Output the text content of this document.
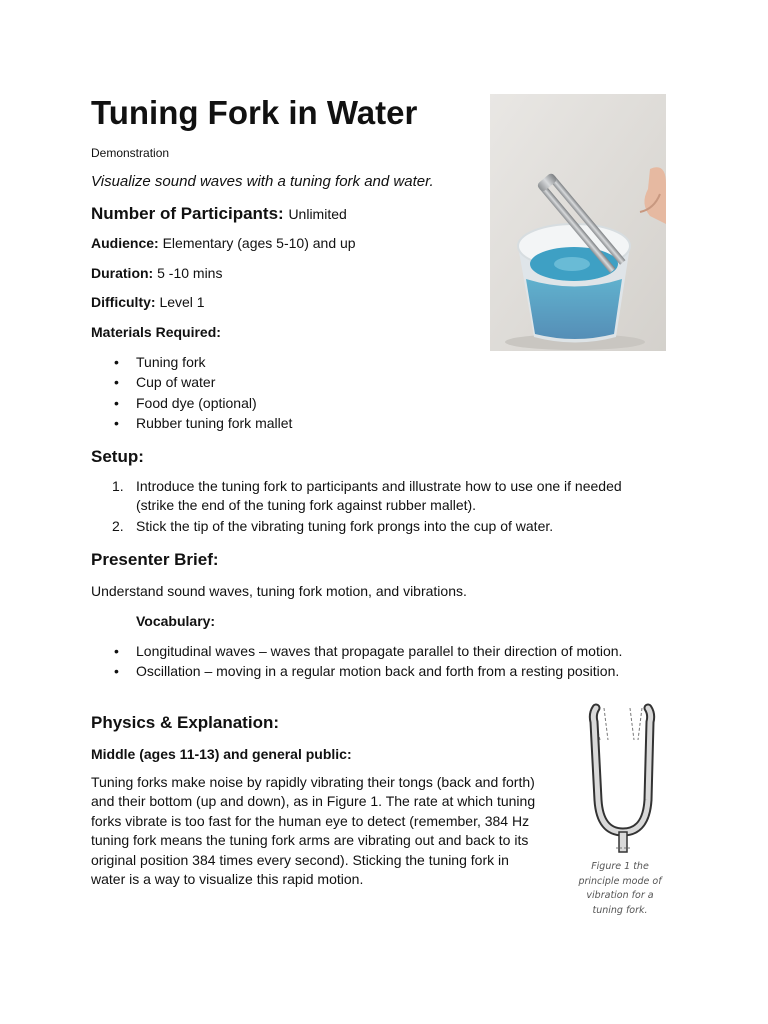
Tuning Fork in Water
Demonstration
Visualize sound waves with a tuning fork and water.
Number of Participants: Unlimited
Audience: Elementary (ages 5-10) and up
Duration: 5 -10 mins
Difficulty: Level 1
Materials Required:
• Tuning fork
• Cup of water
• Food dye (optional)
• Rubber tuning fork mallet
Setup:
1. Introduce the tuning fork to participants and illustrate how to use one if needed
(strike the end of the tuning fork against rubber mallet).
2. Stick the tip of the vibrating tuning fork prongs into the cup of water.
Presenter Brief:
Understand sound waves, tuning fork motion, and vibrations.
Vocabulary:
• Longitudinal waves – waves that propagate parallel to their direction of motion.
• Oscillation – moving in a regular motion back and forth from a resting position.
Physics & Explanation:
Middle (ages 11-13) and general public:
Tuning forks make noise by rapidly vibrating their tongs (back and forth)
and their bottom (up and down), as in Figure 1. The rate at which tuning
forks vibrate is too fast for the human eye to detect (remember, 384 Hz
tuning fork means the tuning fork arms are vibrating out and back to its
original position 384 times every second). Sticking the tuning fork in
water is a way to visualize this rapid motion.
Figure 1 the
principle mode of
vibration for a
tuning fork.
